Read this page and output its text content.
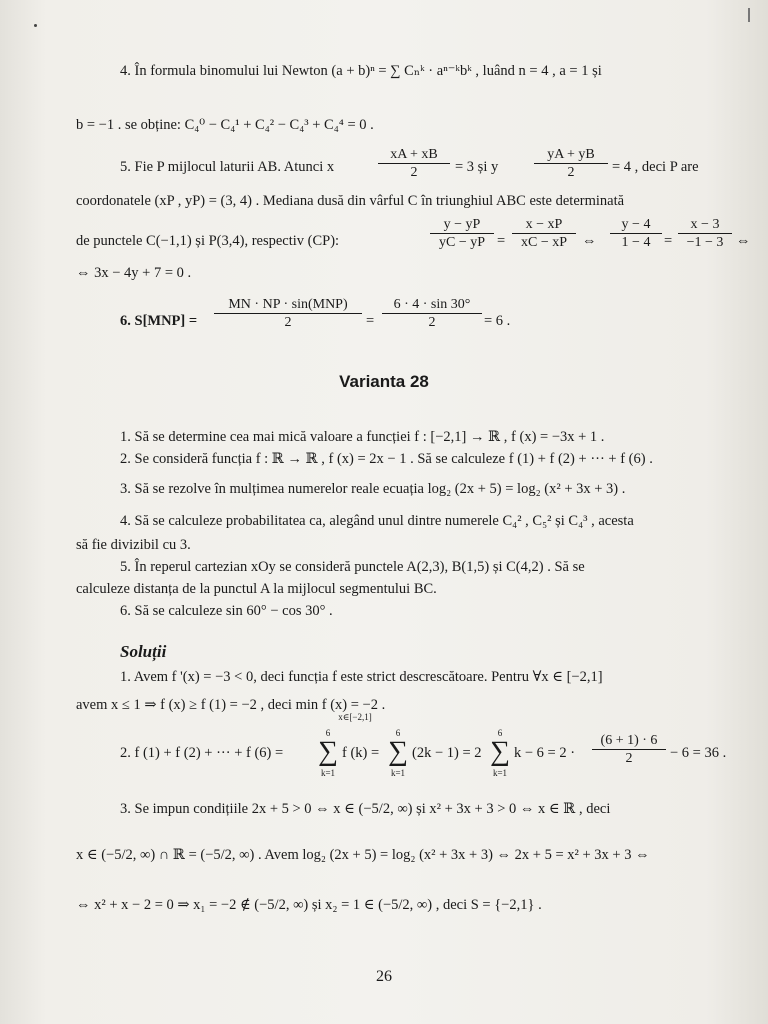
4. În formula binomului lui Newton (a + b)ⁿ = ∑ Cₙᵏ · aⁿ⁻ᵏbᵏ , luând n = 4 , a = 1 și
b = −1 . se obține: C₄⁰ − C₄¹ + C₄² − C₄³ + C₄⁴ = 0 .
5. Fie P mijlocul laturii AB. Atunci x	$\frac{xA + xB}{2} = 3$ și y	$\frac{yA + yB}{2} = 4$ , deci P are
coordonatele (xP , yP) = (3, 4) . Mediana dusă din vârful C în triunghiul ABC este determinată
de punctele C(−1,1) și P(3,4), respectiv (CP):	$\frac{y - yP}{yC - yP} = \frac{x - xP}{xC - xP}$ ⇔ $\frac{y - 4}{1 - 4} = \frac{x - 3}{-1 - 3}$ ⇔
⇔ 3x − 4y + 7 = 0 .
6. S[MNP] =
MN · NP · sin(MNP)
2	= $\frac{6 \cdot 4 \cdot \sin 30^\circ}{2} = 6$ .
Varianta 28
1. Să se determine cea mai mică valoare a funcției f : [−2,1] → ℝ , f (x) = −3x + 1 .
2. Se consideră funcția f : ℝ → ℝ , f (x) = 2x − 1 . Să se calculeze f (1) + f (2) + ··· + f (6) .
3. Să se rezolve în mulțimea numerelor reale ecuația log₂ (2x + 5) = log₂ (x² + 3x + 3) .
4. Să se calculeze probabilitatea ca, alegând unul dintre numerele C₄² , C₅² și C₄³ , acesta
să fie divizibil cu 3.
5. În reperul cartezian xOy se consideră punctele A(2,3), B(1,5) și C(4,2) . Să se
calculeze distanța de la punctul A la mijlocul segmentului BC.
6. Să se calculeze sin 60° − cos 30° .
Soluții
1. Avem f '(x) = −3 < 0, deci funcția f este strict descrescătoare. Pentru ∀x ∈ [−2,1]
avem x ≤ 1 ⇒ f (x) ≥ f (1) = −2 , deci min f (x) = −2 .
x∈[−2,1]
2. f (1) + f (2) + ··· + f (6) =
6
∑
k=1
f (k) =
6
∑
k=1
(2k − 1) = 2
6
∑
k=1
$k - 6 = 2 \cdot \frac{(6 + 1) \cdot 6}{2} - 6 = 36$ .
3. Se impun condițiile 2x + 5 > 0 ⇔ x ∈ (−5/2, ∞) și x² + 3x + 3 > 0 ⇔ x ∈ ℝ , deci
x ∈ (−5/2, ∞) ∩ ℝ = (−5/2, ∞) . Avem log₂ (2x + 5) = log₂ (x² + 3x + 3) ⇔ 2x + 5 = x² + 3x + 3 ⇔
⇔ x² + x − 2 = 0 ⇒ x₁ = −2 ∉ (−5/2, ∞) și x₂ = 1 ∈ (−5/2, ∞) , deci S = {−2,1} .
26
